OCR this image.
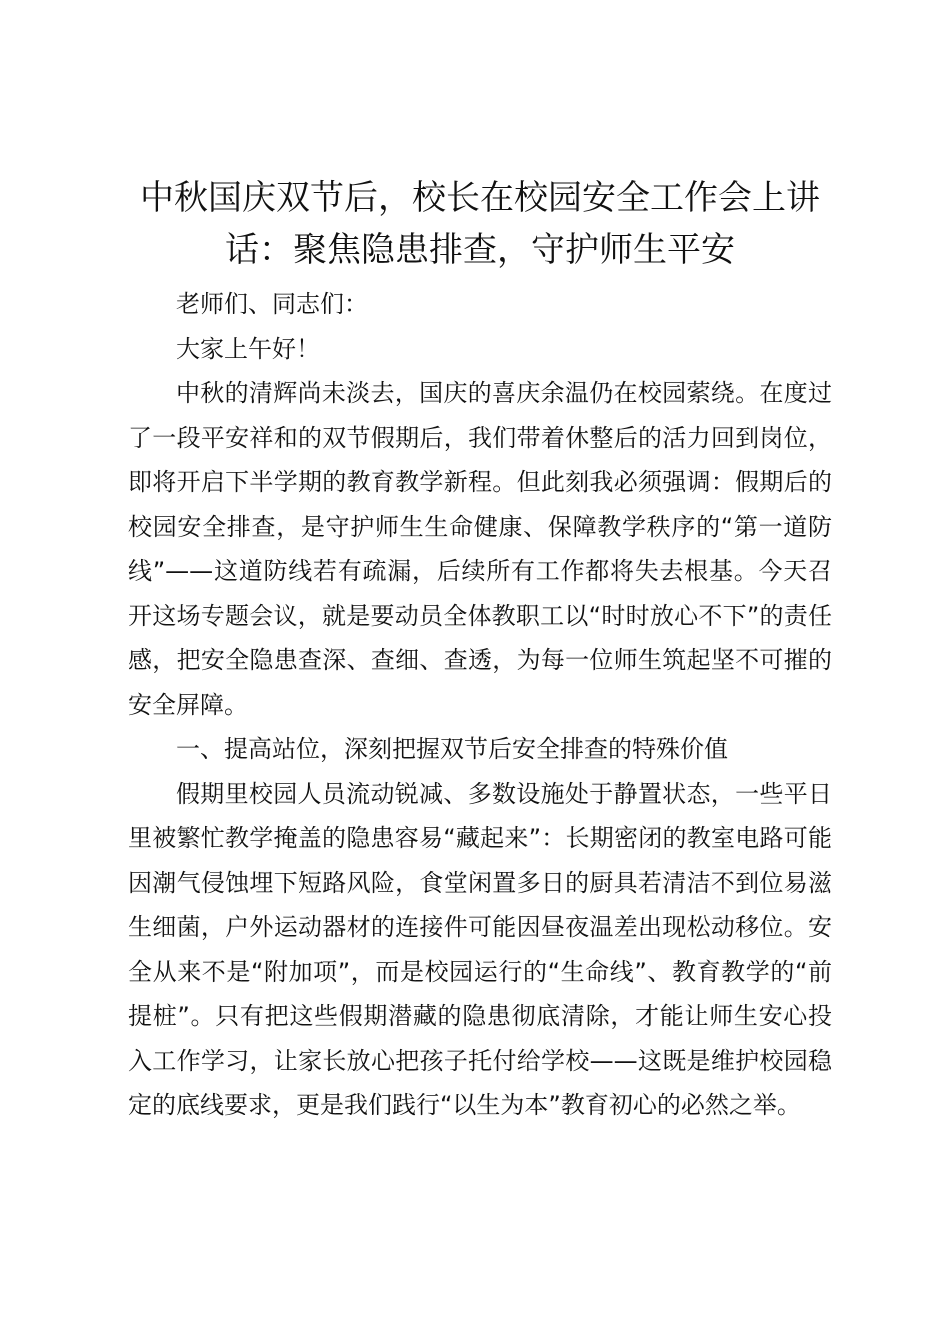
中秋国庆双节后，校长在校园安全工作会上讲话：聚焦隐患排查，守护师生平安

老师们、同志们：

大家上午好！

中秋的清辉尚未淡去，国庆的喜庆余温仍在校园萦绕。在度过了一段平安祥和的双节假期后，我们带着休整后的活力回到岗位，即将开启下半学期的教育教学新程。但此刻我必须强调：假期后的校园安全排查，是守护师生生命健康、保障教学秩序的“第一道防线”——这道防线若有疏漏，后续所有工作都将失去根基。今天召开这场专题会议，就是要动员全体教职工以“时时放心不下”的责任感，把安全隐患查深、查细、查透，为每一位师生筑起坚不可摧的安全屏障。

一、提高站位，深刻把握双节后安全排查的特殊价值

假期里校园人员流动锐减、多数设施处于静置状态，一些平日里被繁忙教学掩盖的隐患容易“藏起来”：长期密闭的教室电路可能因潮气侵蚀埋下短路风险，食堂闲置多日的厨具若清洁不到位易滋生细菌，户外运动器材的连接件可能因昼夜温差出现松动移位。安全从来不是“附加项”，而是校园运行的“生命线”、教育教学的“前提桩”。只有把这些假期潜藏的隐患彻底清除，才能让师生安心投入工作学习，让家长放心把孩子托付给学校——这既是维护校园稳定的底线要求，更是我们践行“以生为本”教育初心的必然之举。
